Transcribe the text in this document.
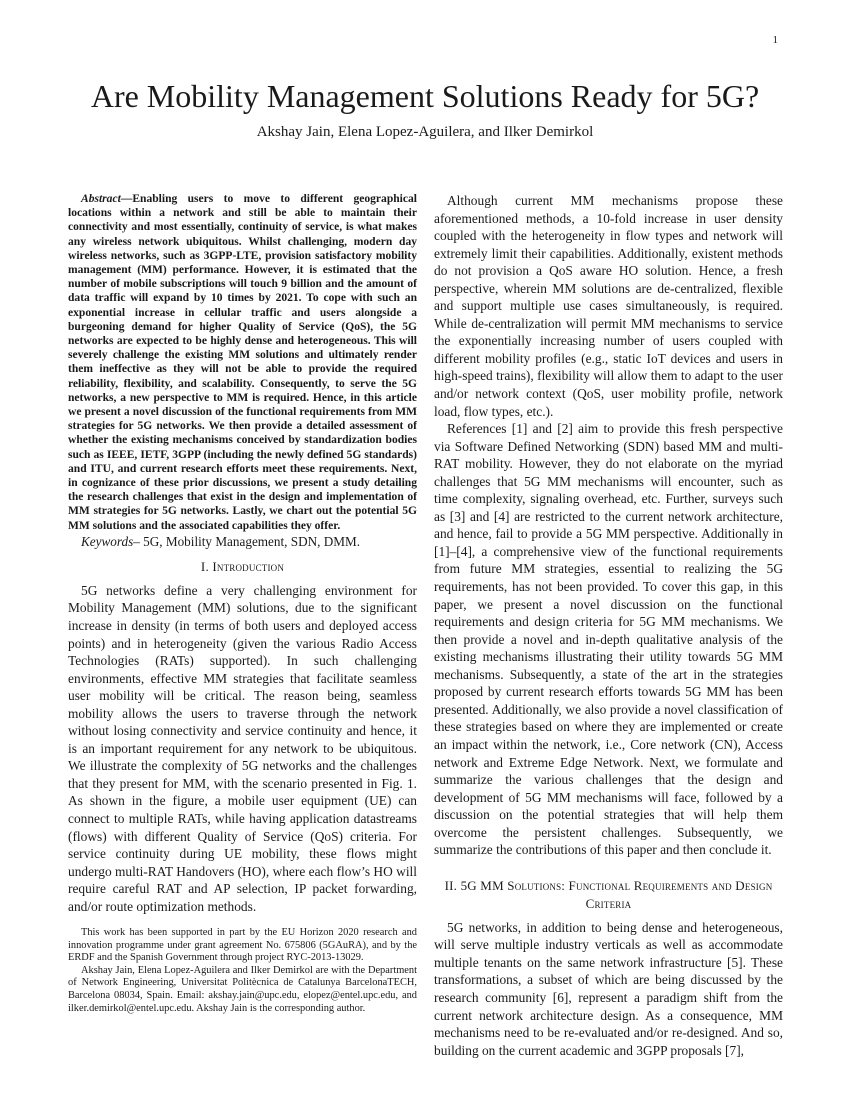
1
Are Mobility Management Solutions Ready for 5G?
Akshay Jain, Elena Lopez-Aguilera, and Ilker Demirkol

Abstract—Enabling users to move to different geographical locations within a network and still be able to maintain their connectivity and most essentially, continuity of service, is what makes any wireless network ubiquitous. Whilst challenging, modern day wireless networks, such as 3GPP-LTE, provision satisfactory mobility management (MM) performance. However, it is estimated that the number of mobile subscriptions will touch 9 billion and the amount of data traffic will expand by 10 times by 2021. To cope with such an exponential increase in cellular traffic and users alongside a burgeoning demand for higher Quality of Service (QoS), the 5G networks are expected to be highly dense and heterogeneous. This will severely challenge the existing MM solutions and ultimately render them ineffective as they will not be able to provide the required reliability, flexibility, and scalability. Consequently, to serve the 5G networks, a new perspective to MM is required. Hence, in this article we present a novel discussion of the functional requirements from MM strategies for 5G networks. We then provide a detailed assessment of whether the existing mechanisms conceived by standardization bodies such as IEEE, IETF, 3GPP (including the newly defined 5G standards) and ITU, and current research efforts meet these requirements. Next, in cognizance of these prior discussions, we present a study detailing the research challenges that exist in the design and implementation of MM strategies for 5G networks. Lastly, we chart out the potential 5G MM solutions and the associated capabilities they offer.

Keywords– 5G, Mobility Management, SDN, DMM.

I. Introduction

5G networks define a very challenging environment for Mobility Management (MM) solutions, due to the significant increase in density (in terms of both users and deployed access points) and in heterogeneity (given the various Radio Access Technologies (RATs) supported). In such challenging environments, effective MM strategies that facilitate seamless user mobility will be critical. The reason being, seamless mobility allows the users to traverse through the network without losing connectivity and service continuity and hence, it is an important requirement for any network to be ubiquitous. We illustrate the complexity of 5G networks and the challenges that they present for MM, with the scenario presented in Fig. 1. As shown in the figure, a mobile user equipment (UE) can connect to multiple RATs, while having application datastreams (flows) with different Quality of Service (QoS) criteria. For service continuity during UE mobility, these flows might undergo multi-RAT Handovers (HO), where each flow’s HO will require careful RAT and AP selection, IP packet forwarding, and/or route optimization methods.

This work has been supported in part by the EU Horizon 2020 research and innovation programme under grant agreement No. 675806 (5GAuRA), and by the ERDF and the Spanish Government through project RYC-2013-13029.

Akshay Jain, Elena Lopez-Aguilera and Ilker Demirkol are with the Department of Network Engineering, Universitat Politècnica de Catalunya BarcelonaTECH, Barcelona 08034, Spain. Email: akshay.jain@upc.edu, elopez@entel.upc.edu, and ilker.demirkol@entel.upc.edu. Akshay Jain is the corresponding author.

Although current MM mechanisms propose these aforementioned methods, a 10-fold increase in user density coupled with the heterogeneity in flow types and network will extremely limit their capabilities. Additionally, existent methods do not provision a QoS aware HO solution. Hence, a fresh perspective, wherein MM solutions are de-centralized, flexible and support multiple use cases simultaneously, is required. While de-centralization will permit MM mechanisms to service the exponentially increasing number of users coupled with different mobility profiles (e.g., static IoT devices and users in high-speed trains), flexibility will allow them to adapt to the user and/or network context (QoS, user mobility profile, network load, flow types, etc.).

References [1] and [2] aim to provide this fresh perspective via Software Defined Networking (SDN) based MM and multi-RAT mobility. However, they do not elaborate on the myriad challenges that 5G MM mechanisms will encounter, such as time complexity, signaling overhead, etc. Further, surveys such as [3] and [4] are restricted to the current network architecture, and hence, fail to provide a 5G MM perspective. Additionally in [1]–[4], a comprehensive view of the functional requirements from future MM strategies, essential to realizing the 5G requirements, has not been provided. To cover this gap, in this paper, we present a novel discussion on the functional requirements and design criteria for 5G MM mechanisms. We then provide a novel and in-depth qualitative analysis of the existing mechanisms illustrating their utility towards 5G MM mechanisms. Subsequently, a state of the art in the strategies proposed by current research efforts towards 5G MM has been presented. Additionally, we also provide a novel classification of these strategies based on where they are implemented or create an impact within the network, i.e., Core network (CN), Access network and Extreme Edge Network. Next, we formulate and summarize the various challenges that the design and development of 5G MM mechanisms will face, followed by a discussion on the potential strategies that will help them overcome the persistent challenges. Subsequently, we summarize the contributions of this paper and then conclude it.

II. 5G MM Solutions: Functional Requirements and Design Criteria

5G networks, in addition to being dense and heterogeneous, will serve multiple industry verticals as well as accommodate multiple tenants on the same network infrastructure [5]. These transformations, a subset of which are being discussed by the research community [6], represent a paradigm shift from the current network architecture design. As a consequence, MM mechanisms need to be re-evaluated and/or re-designed. And so, building on the current academic and 3GPP proposals [7],
